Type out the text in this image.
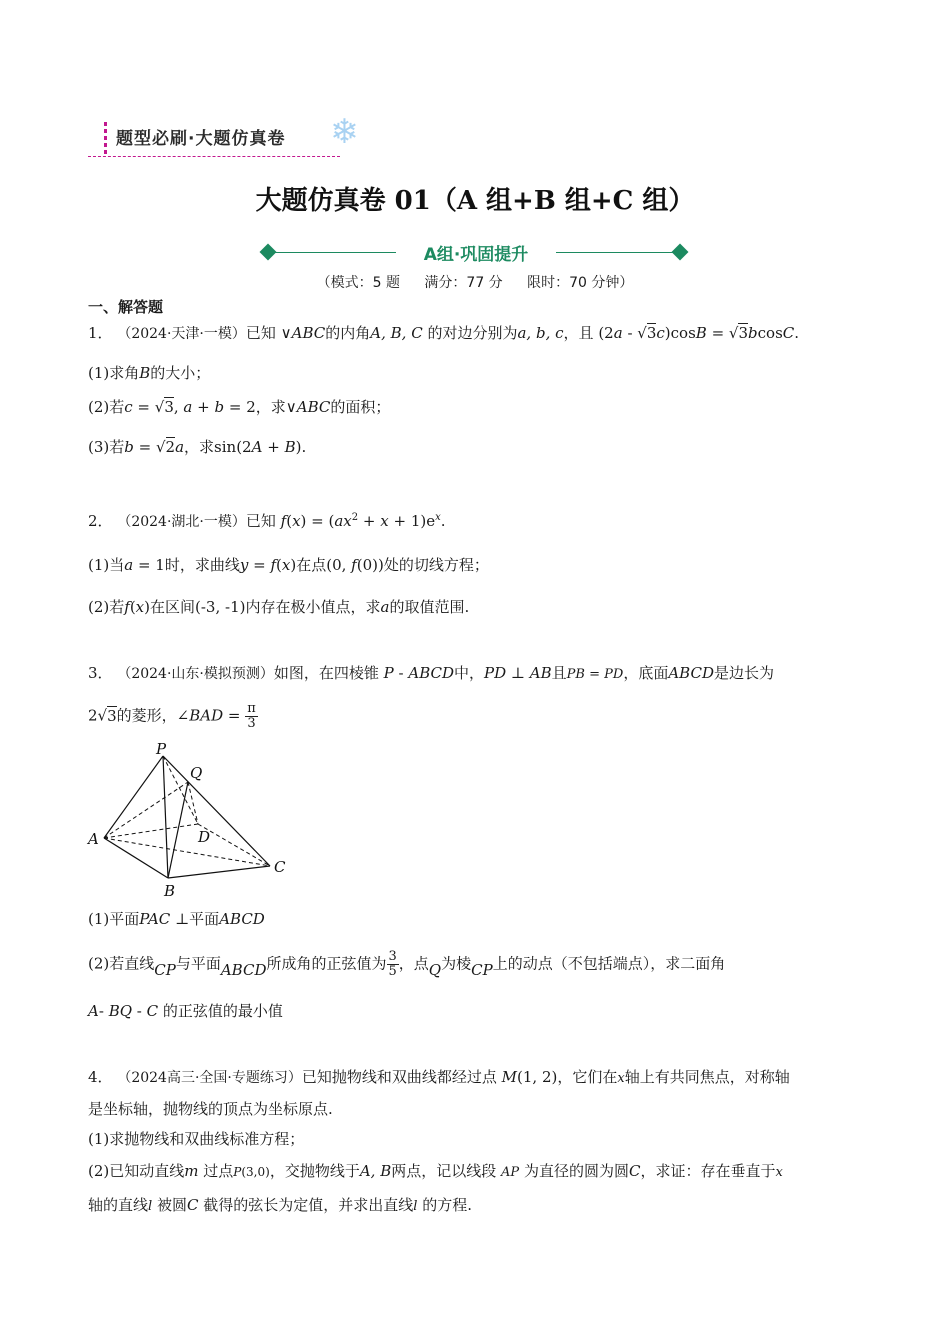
题型必刷·大题仿真卷 ❄
大题仿真卷 01（A 组+B 组+C 组）
A组·巩固提升
（模式：5 题 满分：77 分 限时：70 分钟）
一、解答题
1． （2024·天津·一模）已知 ∨ABC的内角A, B, C 的对边分别为a, b, c，且 (2a - √3c)cosB = √3bcosC.
(1)求角B的大小；
(2)若c = √3, a + b = 2，求∨ABC的面积；
(3)若b = √2a，求sin(2A + B).
2． （2024·湖北·一模）已知 $f(x) = (ax^2 + x + 1)e^x$.
(1)当a = 1时，求曲线y = f(x)在点(0, f(0))处的切线方程；
(2)若f(x)在区间(-3, -1)内存在极小值点，求a的取值范围.
3． （2024·山东·模拟预测）如图，在四棱锥 P - ABCD中，PD ⊥ AB且PB = PD，底面ABCD是边长为
2√3的菱形，∠BAD = $\frac{\pi}{3}$
P
Q
A	D
C
B
(1)平面PAC ⊥平面ABCD
(2)若直线CP与平面ABCD所成角的正弦值为 $\frac{3}{5}$ ，点Q为棱CP上的动点（不包括端点），求二面角
A- BQ - C 的正弦值的最小值
4． （2024高三·全国·专题练习）已知抛物线和双曲线都经过点 M(1, 2)，它们在x轴上有共同焦点，对称轴
是坐标轴，抛物线的顶点为坐标原点.
(1)求抛物线和双曲线标准方程；
(2)已知动直线m 过点P(3,0)，交抛物线于A, B两点，记以线段 AP 为直径的圆为圆C，求证：存在垂直于x
轴的直线l 被圆C 截得的弦长为定值，并求出直线l 的方程.
